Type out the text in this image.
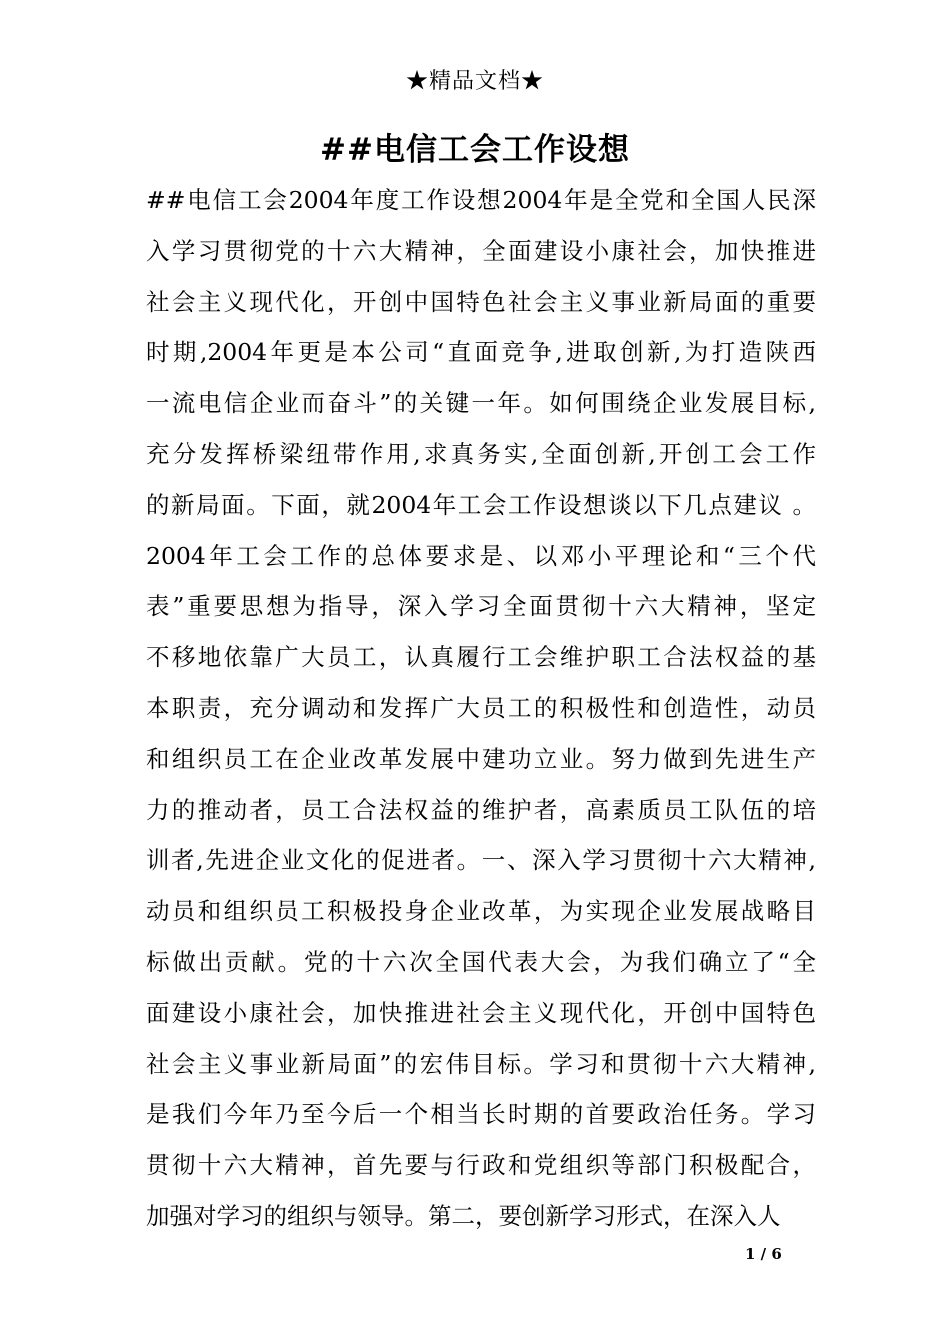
★精品文档★
##电信工会工作设想
##电信工会2004年度工作设想2004年是全党和全国人民深
入学习贯彻党的十六大精神，全面建设小康社会，加快推进
社会主义现代化，开创中国特色社会主义事业新局面的重要
时期,2004年更是本公司“直面竞争,进取创新,为打造陕西
一流电信企业而奋斗”的关键一年。如何围绕企业发展目标,
充分发挥桥梁纽带作用,求真务实,全面创新,开创工会工作
的新局面。下面，就2004年工会工作设想谈以下几点建议 。
2004年工会工作的总体要求是、以邓小平理论和“三个代
表”重要思想为指导，深入学习全面贯彻十六大精神，坚定
不移地依靠广大员工，认真履行工会维护职工合法权益的基
本职责，充分调动和发挥广大员工的积极性和创造性，动员
和组织员工在企业改革发展中建功立业。努力做到先进生产
力的推动者，员工合法权益的维护者，高素质员工队伍的培
训者,先进企业文化的促进者。一、深入学习贯彻十六大精神,
动员和组织员工积极投身企业改革，为实现企业发展战略目
标做出贡献。党的十六次全国代表大会，为我们确立了“全
面建设小康社会，加快推进社会主义现代化，开创中国特色
社会主义事业新局面”的宏伟目标。学习和贯彻十六大精神,
是我们今年乃至今后一个相当长时期的首要政治任务。学习
贯彻十六大精神，首先要与行政和党组织等部门积极配合，
加强对学习的组织与领导。第二，要创新学习形式，在深入人
1 / 6
